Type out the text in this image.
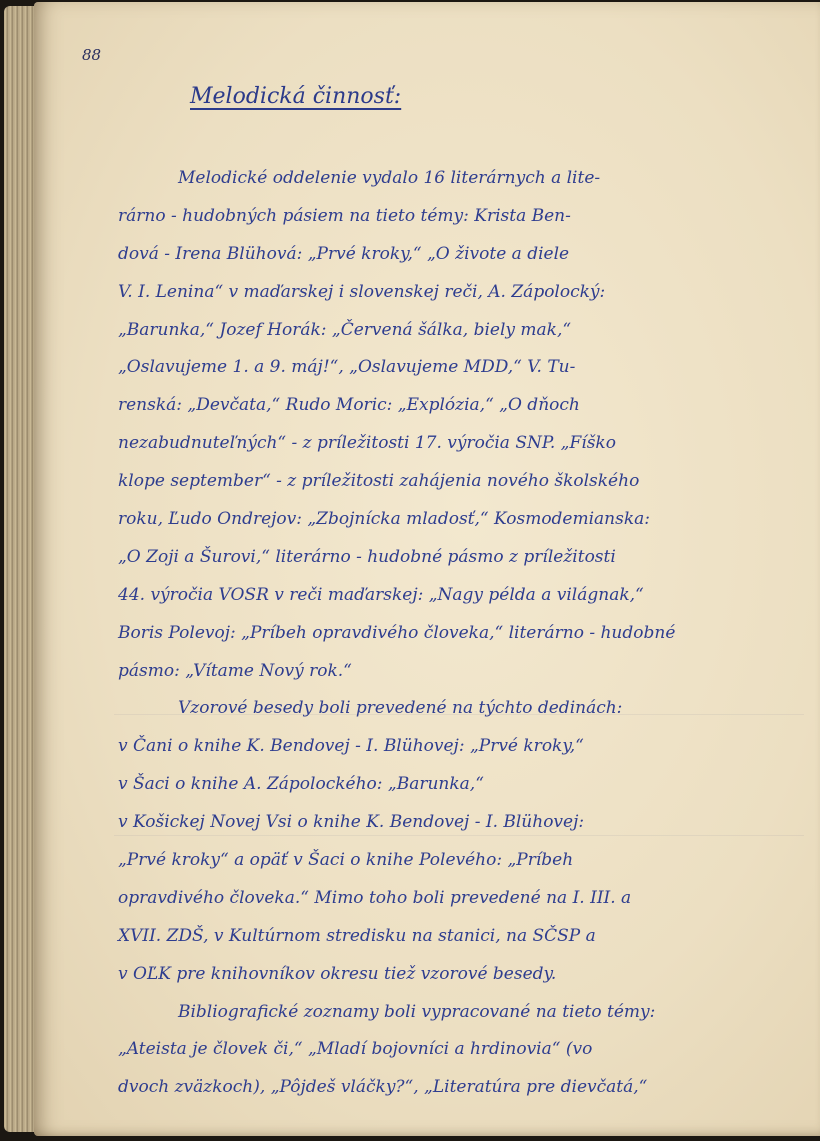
88
Melodická činnosť:
Melodické oddelenie vydalo 16 literárnych a lite-
rárno - hudobných pásiem na tieto témy: Krista Ben-
dová - Irena Blühová: „Prvé kroky,“ „O živote a diele
V. I. Lenina“ v maďarskej i slovenskej reči, A. Zápolocký:
„Barunka,“ Jozef Horák: „Červená šálka, biely mak,“
„Oslavujeme 1. a 9. máj!“, „Oslavujeme MDD,“ V. Tu-
renská: „Devčata,“ Rudo Moric: „Explózia,“ „O dňoch
nezabudnuteľných“ - z príležitosti 17. výročia SNP. „Fíško
klope september“ - z príležitosti zahájenia nového školského
roku, Ľudo Ondrejov: „Zbojnícka mladosť,“ Kosmodemianska:
„O Zoji a Šurovi,“ literárno - hudobné pásmo z príležitosti
44. výročia VOSR v reči maďarskej: „Nagy példa a világnak,“
Boris Polevoj: „Príbeh opravdivého človeka,“ literárno - hudobné
pásmo: „Vítame Nový rok.“
Vzorové besedy boli prevedené na týchto dedinách:
v Čani o knihe K. Bendovej - I. Blühovej: „Prvé kroky,“
v Šaci o knihe A. Zápolockého: „Barunka,“
v Košickej Novej Vsi o knihe K. Bendovej - I. Blühovej:
„Prvé kroky“ a opäť v Šaci o knihe Polevého: „Príbeh
opravdivého človeka.“ Mimo toho boli prevedené na I. III. a
XVII. ZDŠ, v Kultúrnom stredisku na stanici, na SČSP a
v OĽK pre knihovníkov okresu tiež vzorové besedy.
Bibliografické zoznamy boli vypracované na tieto témy:
„Ateista je človek či,“ „Mladí bojovníci a hrdinovia“ (vo
dvoch zväzkoch), „Pôjdeš vláčky?“, „Literatúra pre dievčatá,“
